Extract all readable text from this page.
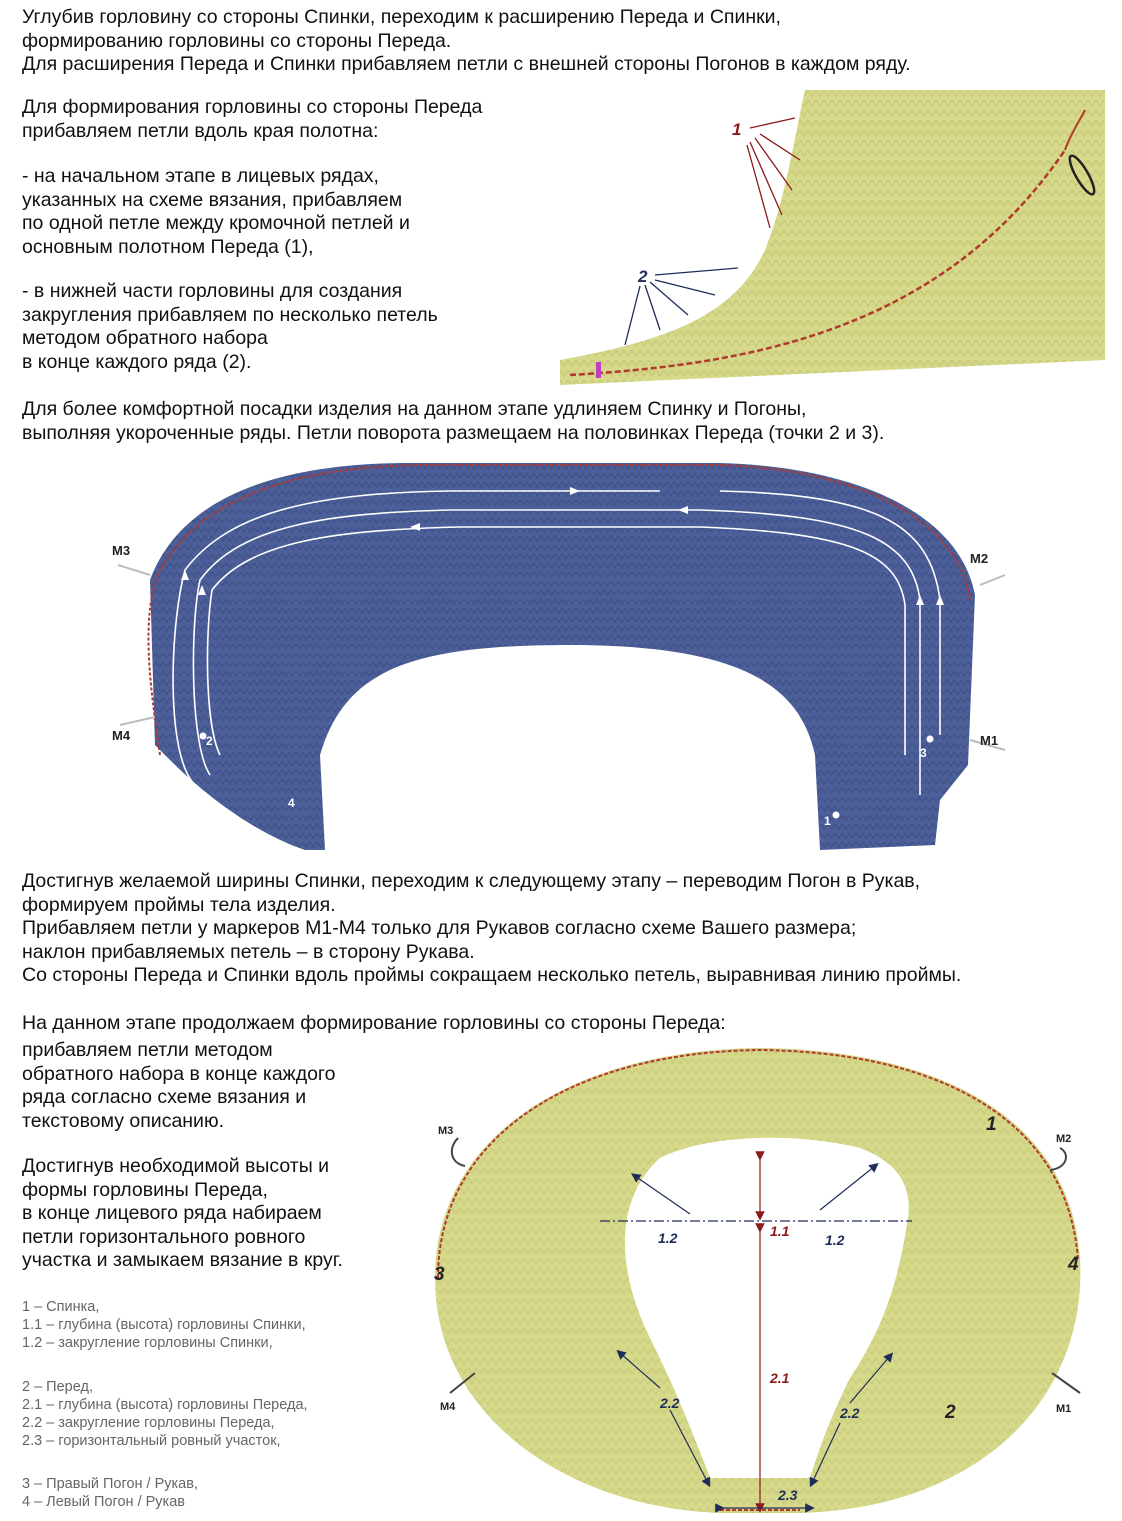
Углубив горловину со стороны Спинки, переходим к расширению Переда и Спинки,
формированию горловины со стороны Переда.
Для расширения Переда и Спинки прибавляем петли с внешней стороны Погонов в каждом ряду.
Для формирования горловины со стороны Переда
прибавляем петли вдоль края полотна:
- на начальном этапе в лицевых рядах,
указанных на схеме вязания, прибавляем
по одной петле между кромочной петлей и
основным полотном Переда (1),
- в нижней части горловины для создания
закругления прибавляем по несколько петель
методом обратного набора
в конце каждого ряда (2).
1
2
Для более комфортной посадки изделия на данном этапе удлиняем Спинку и Погоны,
выполняя укороченные ряды. Петли поворота размещаем на половинках Переда (точки 2 и 3).
M3
M2
M4	M1
2
3
4
1
Достигнув желаемой ширины Спинки, переходим к следующему этапу – переводим Погон в Рукав,
формируем проймы тела изделия.
Прибавляем петли у маркеров М1-М4 только для Рукавов согласно схеме Вашего размера;
наклон прибавляемых петель – в сторону Рукава.
Со стороны Переда и Спинки вдоль проймы сокращаем несколько петель, выравнивая линию проймы.
На данном этапе продолжаем формирование горловины со стороны Переда:
прибавляем петли методом
обратного набора в конце каждого
ряда согласно схеме вязания и
текстовому описанию.
Достигнув необходимой высоты и
формы горловины Переда,
в конце лицевого ряда набираем
петли горизонтального ровного
участка и замыкаем вязание в круг.
1 – Спинка,
1.1 – глубина (высота) горловины Спинки,
1.2 – закругление горловины Спинки,
2 – Перед,
2.1 – глубина (высота) горловины Переда,
2.2 – закругление горловины Переда,
2.3 – горизонтальный ровный участок,
3 – Правый Погон / Рукав,
4 – Левый Погон / Рукав
1.1
1.2	1.2
2.1
2.2
2.2
2.3
1
2
3	4
M3
M2
M4	M1
